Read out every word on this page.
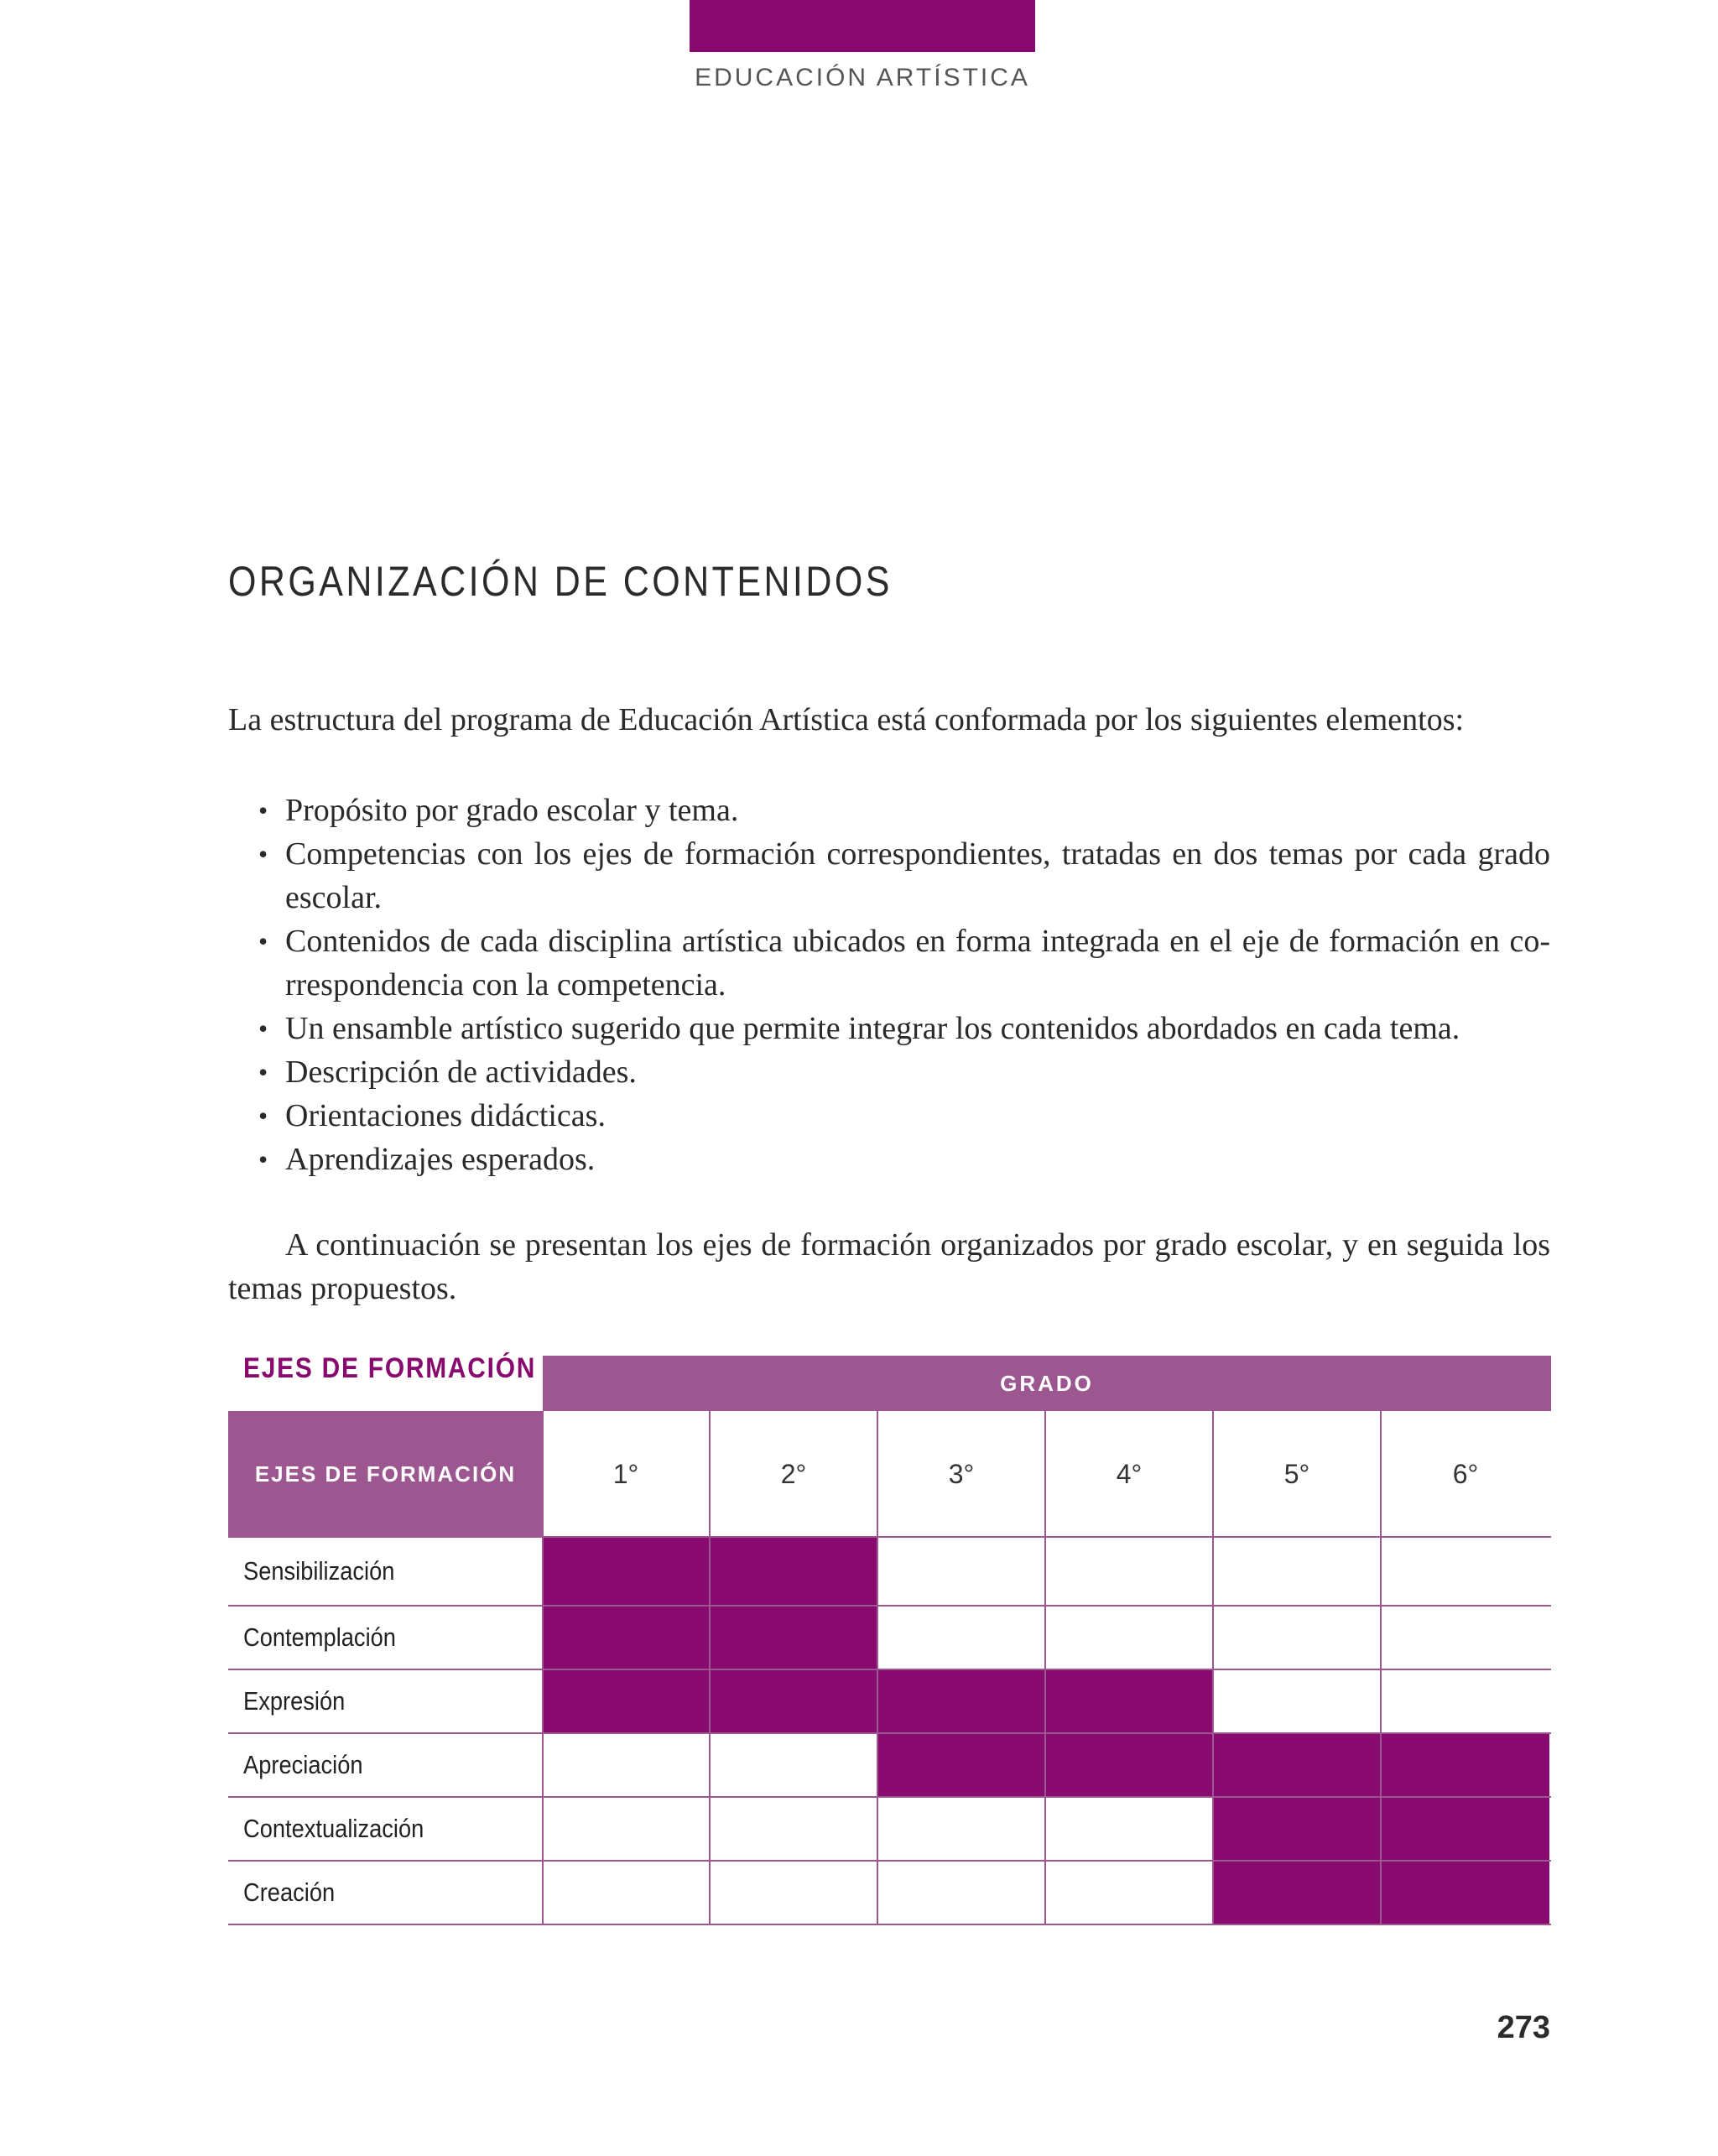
EDUCACIÓN ARTÍSTICA
ORGANIZACIÓN DE CONTENIDOS

La estructura del programa de Educación Artística está conformada por los siguientes elementos:

• Propósito por grado escolar y tema.
• Competencias con los ejes de formación correspondientes, tratadas en dos temas por cada grado escolar.
• Contenidos de cada disciplina artística ubicados en forma integrada en el eje de formación en co-rrespondencia con la competencia.
• Un ensamble artístico sugerido que permite integrar los contenidos abordados en cada tema.
• Descripción de actividades.
• Orientaciones didácticas.
• Aprendizajes esperados.

A continuación se presentan los ejes de formación organizados por grado escolar, y en seguida los temas propuestos.

EJES DE FORMACIÓN	GRADO
EJES DE FORMACIÓN	1°	2°	3°	4°	5°	6°
Sensibilización
Contemplación
Expresión
Apreciación
Contextualización
Creación
273
